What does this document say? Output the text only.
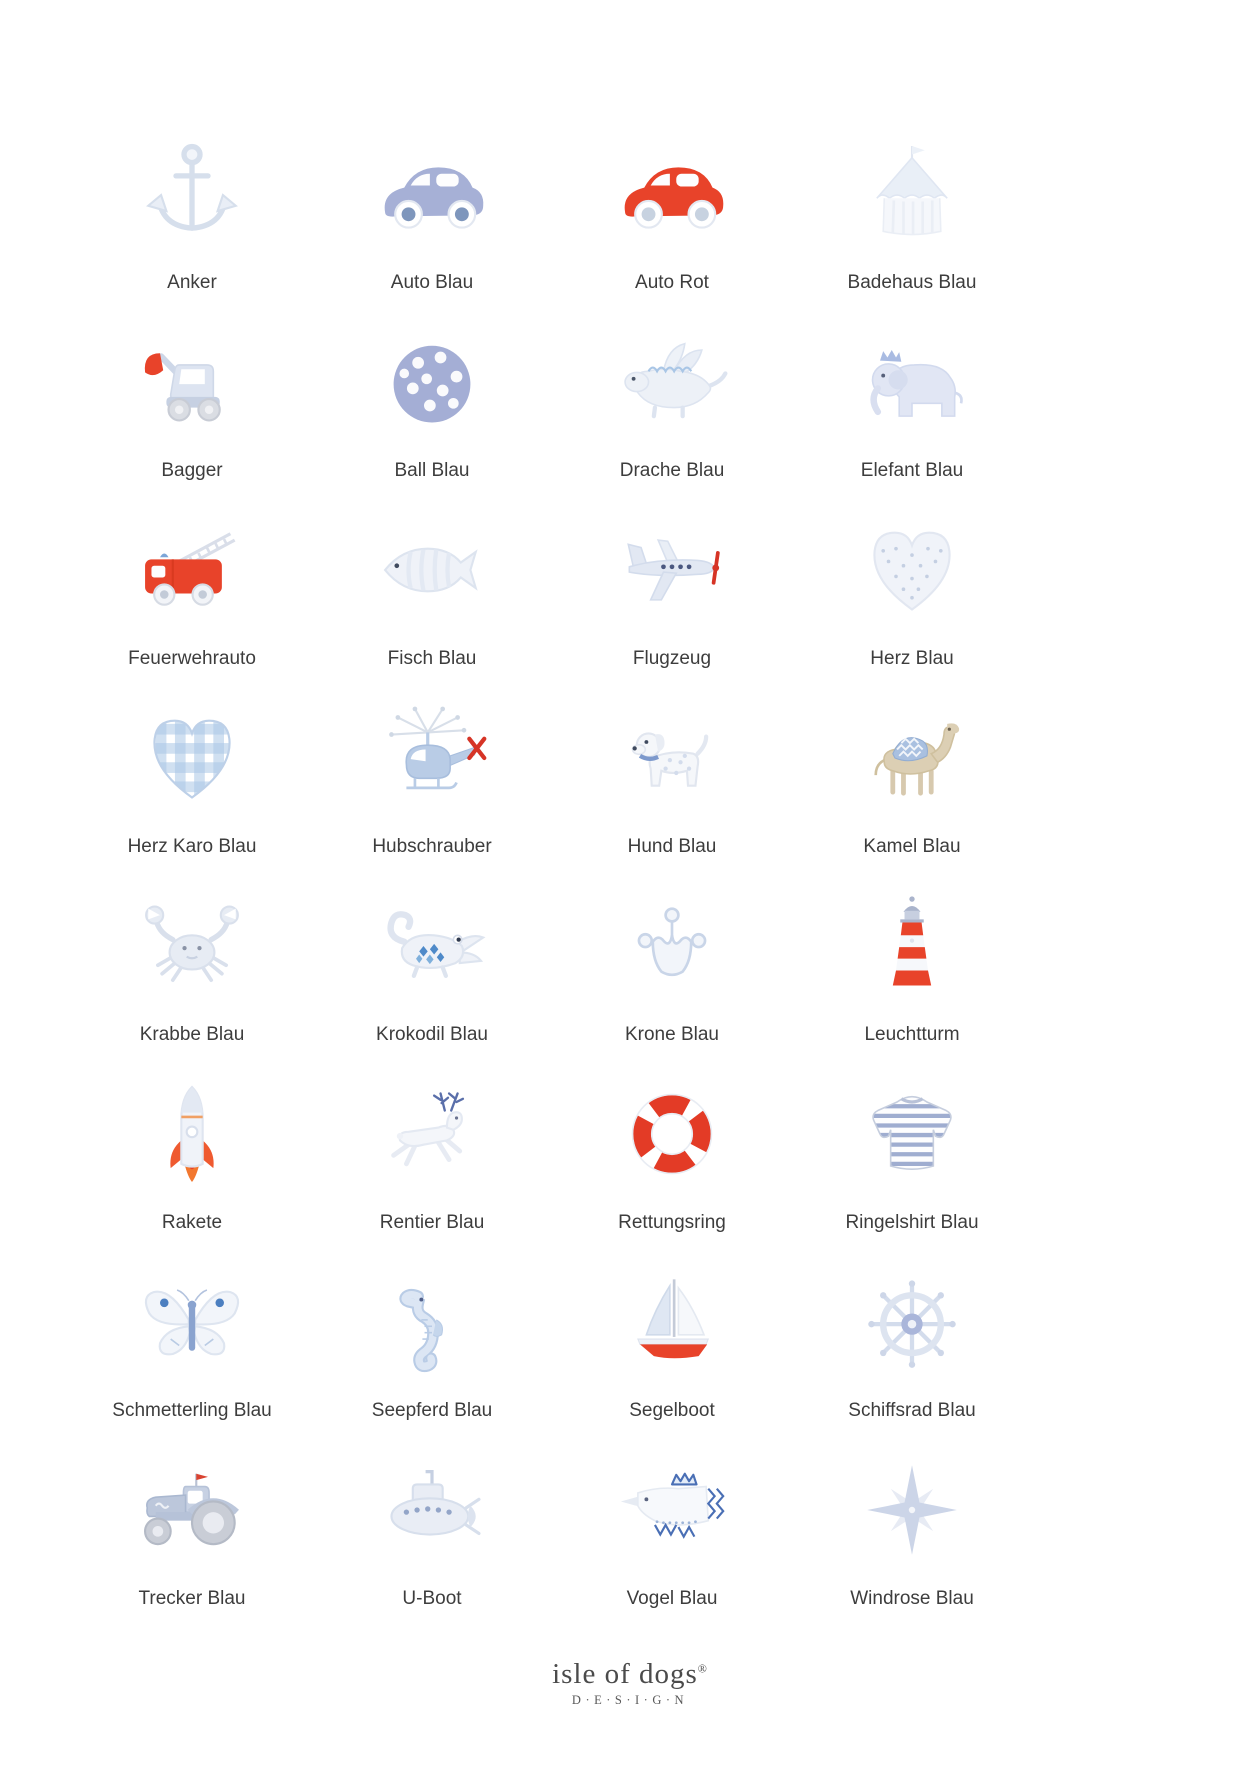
Anker	Auto Blau	Auto Rot	Badehaus Blau
Bagger	Ball Blau	Drache Blau	Elefant Blau
Feuerwehrauto	Fisch Blau	Flugzeug	Herz Blau
Herz Karo Blau	Hubschrauber	Hund Blau	Kamel Blau
Krabbe Blau	Krokodil Blau	Krone Blau	Leuchtturm
Rakete	Rentier Blau	Rettungsring	Ringelshirt Blau
Schmetterling Blau	Seepferd Blau	Segelboot	Schiffsrad Blau
Trecker Blau	U-Boot	Vogel Blau	Windrose Blau
isle of dogs®
D·E·S·I·G·N
